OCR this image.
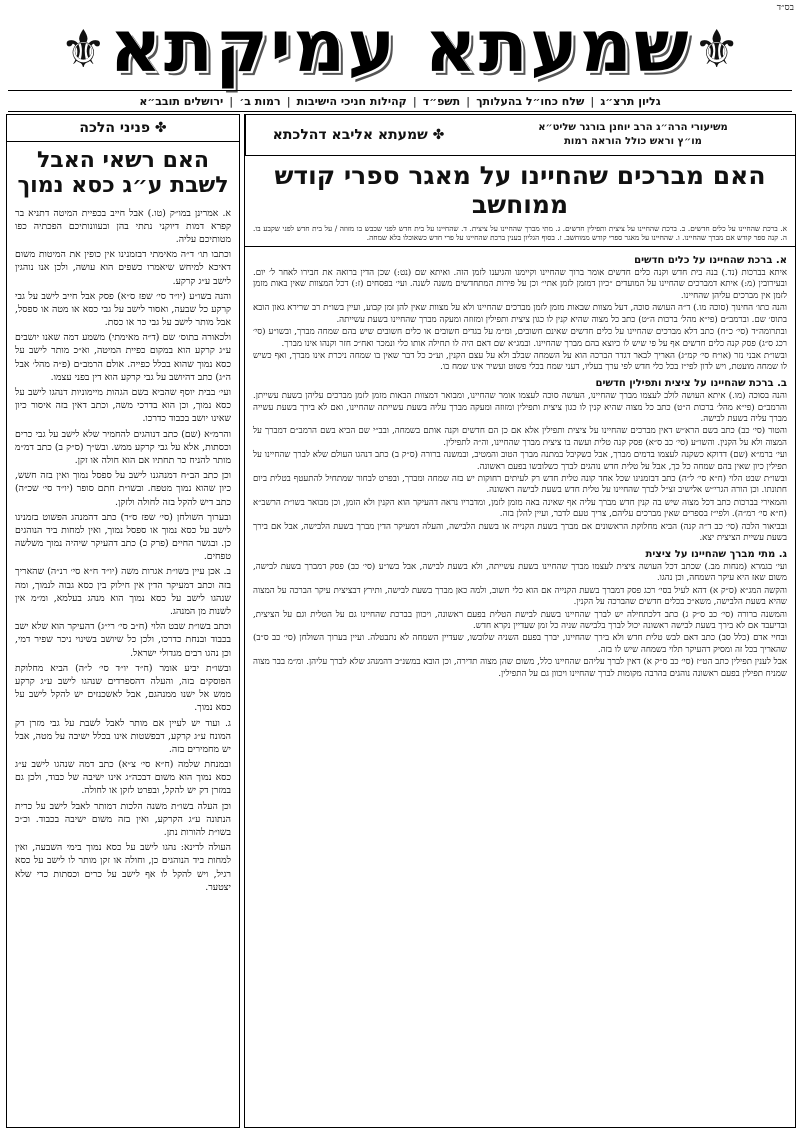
בס״ד
⚜	⚜
שמעתא עמיקתא
גליון תרצ״ג
|
שלח כחו״ל בהעלותך
|
תשפ״ד
|
קהילות חניכי הישיבות
|
רמות ב׳
|
ירושלים תובב״א
משיעורי הרה״ג הרב יוחנן בורגר שליט״א
מו״ץ וראש כולל הוראה רמות
✤ שמעתא אליבא דהלכתא
האם מברכים שהחיינו על מאגר ספרי קודש ממוחשב
א. ברכת שהחיינו על כלים חדשים. ב. ברכת שהחיינו על ציצית ותפילין חדשים. ג. מתי מברך שהחיינו על ציצית. ד. שהחיינו על בית חדש לפני שכבש בו מזוזה / על בית חדש לפני שקבע בו. ה. קנה ספר קודש אם מברך שהחיינו. ו. שהחיינו על מאגר ספרי קודש ממוחשב. ז. בסוף הגליון בענין ברכת שהחיינו על פרי חדש כשאוכלו בלא שמחה.
א. ברכת שהחיינו על כלים חדשים

איתא בברכות (נד.) בנה בית חדש וקנה כלים חדשים אומר ברוך שהחיינו וקיימנו והגיענו לזמן הזה. ואיתא שם (נט:) שכן הדין ברואה את חבירו לאחר ל׳ יום. ובעירובין (מ:) איתא דמברכים שהחיינו על המועדים ״כיון דמזמן לזמן אתי״ וכן על פירות המתחדשים משנה לשנה. ועי׳ בפסחים (ז:) דכל המצוות שאין באות מזמן לזמן אין מברכים עליהן שהחיינו.

והנה כתו׳ החינוך (סוכה מו.) ד״ה העושה סוכה, דעל מצוות שבאות מזמן לזמן מברכים שהחיינו ולא על מצוות שאין להן זמן קבוע, ועיין בשו״ת רב שרירא גאון הובא בתוס׳ שם. וברמב״ם (פי״א מהל׳ ברכות ה״ט) כתב כל מצוה שהיא קנין לו כגון ציצית ותפילין ומזוזה ומעקה מברך שהחיינו בשעת עשייתה.

ובתרומה״ד (סי׳ כ״ח) כתב דלא מברכים שהחיינו על כלים חדשים שאינם חשובים, ומ״מ על בגדים חשובים או כלים חשובים שיש בהם שמחה מברך, ובשו״ע (סי׳ רכג ס״ג) פסק קנה כלים חדשים אף על פי שיש לו כיוצא בהם מברך שהחיינו. ובמג״א שם דאם היה לו תחילה אותו כלי ונמכר ואח״כ חזר וקנהו אינו מברך.

ובשו״ת אבני נזר (או״ח סי׳ קמ״ג) האריך לבאר דגדר הברכה הוא על השמחה שבלב ולא על עצם הקנין, וע״כ כל דבר שאין בו שמחה ניכרת אינו מברך, ואף כשיש לו שמחה מועטת, ויש לדון לפי״ז בכל כלי חדש לפי ערך בעליו, דעני שמח בכלי פשוט ועשיר אינו שמח בו.

ב. ברכת שהחיינו על ציצית ותפילין חדשים

והנה בסוכה (מו.) איתא העושה לולב לעצמו מברך שהחיינו, העושה סוכה לעצמו אומר שהחיינו, ומבואר דמצוות הבאות מזמן לזמן מברכים עליהן בשעת עשייתן. והרמב״ם (פי״א מהל׳ ברכות ה״ט) כתב כל מצוה שהיא קנין לו כגון ציצית ותפילין ומזוזה ומעקה מברך עליה בשעת עשייתה שהחיינו, ואם לא בירך בשעת עשייה מברך עליה בשעת לבישה.

והטור (סי׳ כב) כתב בשם הרא״ש דאין מברכים שהחיינו על ציצית ותפילין אלא אם כן הם חדשים וקנה אותם בשמחה, ובב״י שם הביא בשם הרמב״ם דמברך על המצוה ולא על הקנין. והשו״ע (סי׳ כב ס״א) פסק קנה טלית ועשה בו ציצית מברך שהחיינו, וה״ה לתפילין.

ועי׳ ברמ״א (שם) דדוקא כשקנה לעצמו בדמים מברך, אבל כשקיבל במתנה מברך הטוב והמטיב, ובמשנה ברורה (ס״ק ב) כתב דנהגו העולם שלא לברך שהחיינו על תפילין כיון שאין בהם שמחה כל כך, אבל על טלית חדש נוהגים לברך כשלובשו בפעם ראשונה.

ובשו״ת שבט הלוי (ח״א סי׳ ל״ה) כתב דבזמנינו שכל אחד קונה טלית חדש רק לעיתים רחוקות יש בזה שמחה ומברך, ובפרט לבחור שמתחיל להתעטף בטלית ביום חתונתו. וכן הורה הגרי״ש אלישיב זצ״ל לברך שהחיינו על טלית חדש בשעת לבישה ראשונה.

והמאירי בברכות כתב דכל מצוה שיש בה קנין חדש מברך עליה אף שאינה באה מזמן לזמן, ומדבריו נראה דהעיקר הוא הקנין ולא הזמן, וכן מבואר בשו״ת הרשב״א (ח״א סי׳ רמ״ה). ולפי״ז בספרים שאין מברכים עליהם, צריך טעם לדבר, ועיין להלן בזה.

ובביאור הלכה (סי׳ כב ד״ה קנה) הביא מחלוקת הראשונים אם מברך בשעת הקנייה או בשעת הלבישה, והעלה דמעיקר הדין מברך בשעת הלבישה, אבל אם בירך בשעת עשיית הציצית יצא.

ג. מתי מברך שהחיינו על ציצית

ועי׳ בגמרא (מנחות מב.) שכתב דכל העושה ציצית לעצמו מברך שהחיינו בשעת עשייתה, ולא בשעת לבישה, אבל בשו״ע (סי׳ כב) פסק דמברך בשעת לבישה, משום שאז היא עיקר השמחה, וכן נהגו.

והקשה המג״א (ס״ק א) דהא לעיל בסי׳ רכג פסק דמברך בשעת הקנייה אם הוא כלי חשוב, ולמה כאן מברך בשעת לבישה, ותירץ דבציצית עיקר הברכה על המצוה שהיא בשעת הלבישה, משא״כ בכלים חדשים שהברכה על הקנין.

והמשנה ברורה (סי׳ כב ס״ק ג) כתב דלכתחילה יש לברך שהחיינו בשעת לבישת הטלית בפעם ראשונה, ויכוון בברכת שהחיינו גם על הטלית וגם על הציצית, ובדיעבד אם לא בירך בשעת לבישה ראשונה יכול לברך בלבישה שניה כל זמן שעדיין נקרא חדש.

ובחיי אדם (כלל סב) כתב דאם לבש טלית חדש ולא בירך שהחיינו, יברך בפעם השניה שלובשו, שעדיין השמחה לא נתבטלה. ועיין בערוך השולחן (סי׳ כב ס״ב) שהאריך בכל זה ומסיק דהעיקר תלוי בשמחה שיש לו בזה.

אבל לענין תפילין כתב הט״ז (סי׳ כב ס״ק א) דאין לברך עליהם שהחיינו כלל, משום שהן מצוה תדירה, וכן הובא במשנ״ב דהמנהג שלא לברך עליהן. ומ״מ בבר מצוה שמניח תפילין בפעם ראשונה נוהגים בהרבה מקומות לברך שהחיינו ויכוון גם על התפילין.

✤ פניני הלכה
האם רשאי האבל לשבת ע״ג כסא נמוך

א. אמרינן במו״ק (טו.) אבל חייב בכפיית המיטה דתניא בר קפרא דמות דיוקני נתתי בהן ובעוונותיכם הפכתיה כפו מטותיכם עליה.

וכתבו תו׳ ד״ה מאימתי דבזמנינו אין כופין את המיטות משום דאיכא למיחש שיאמרו כשפים הוא עושה, ולכן אנו נוהגין לישב ע״ג קרקע.

והנה בשו״ע (יו״ד סי׳ שפז ס״א) פסק אבל חייב לישב על גבי קרקע כל שבעה, ואסור לישב על גבי כסא או מטה או ספסל, אבל מותר לישב על גבי כר או כסת.

ולכאורה בתוס׳ שם (ד״ה מאימתי) משמע דמה שאנו יושבים ע״ג קרקע הוא במקום כפיית המיטה, וא״כ מותר לישב על כסא נמוך שהוא בכלל כפייה. אולם הרמב״ם (פ״ה מהל׳ אבל ה״ג) כתב דהיושב על גבי קרקע הוא דין בפני עצמו.

ועי׳ בבית יוסף שהביא בשם הגהות מיימוניות דנהגו לישב על כסא נמוך, וכן הוא בדרכי משה, וכתב דאין בזה איסור כיון שאינו יושב בכבוד כדרכו.

והרמ״א (שם) כתב דנוהגים להחמיר שלא לישב על גבי כרים וכסתות, אלא על גבי קרקע ממש. ובש״ך (ס״ק ב) כתב דמ״מ מותר להניח כר תחתיו אם הוא חולה או זקן.

וכן כתב הב״ח דמנהגנו לישב על ספסל נמוך ואין בזה חשש, כיון שהוא נמוך מטפח. ובשו״ת חתם סופר (יו״ד סי׳ שכ״ה) כתב דיש להקל בזה לחולה ולזקן.

ובערוך השולחן (סי׳ שפז ס״ד) כתב דהמנהג הפשוט בזמנינו לישב על כסא נמוך או ספסל נמוך, ואין למחות ביד הנוהגים כן. ובגשר החיים (פרק כ) כתב דהעיקר שיהיה נמוך משלשה טפחים.

ב. אכן עיין בשו״ת אגרות משה (יו״ד ח״א סי׳ רנ״ה) שהאריך בזה וכתב דמעיקר הדין אין חילוק בין כסא גבוה לנמוך, ומה שנהגו לישב על כסא נמוך הוא מנהג בעלמא, ומ״מ אין לשנות מן המנהג.

וכתב בשו״ת שבט הלוי (ח״ב סי׳ רי״ג) דהעיקר הוא שלא ישב בכבוד ובנחת כדרכו, ולכן כל שיושב בשינוי ניכר שפיר דמי, וכן נהגו רבים מגדולי ישראל.

ובשו״ת יביע אומר (ח״ד יו״ד סי׳ ל״ה) הביא מחלוקת הפוסקים בזה, והעלה דהספרדים שנהגו לישב ע״ג קרקע ממש אל ישנו ממנהגם, אבל לאשכנזים יש להקל לישב על כסא נמוך.

ג. ועוד יש לעיין אם מותר לאבל לשבת על גבי מזרן דק המונח ע״ג קרקע, דבפשטות אינו בכלל ישיבה על מטה, אבל יש מחמירים בזה.

ובמנחת שלמה (ח״א סי׳ צ״א) כתב דמה שנהגו לישב ע״ג כסא נמוך הוא משום דבכה״ג אינו ישיבה של כבוד, ולכן גם במזרן דק יש להקל, ובפרט לזקן או לחולה.

וכן העלה בשו״ת משנה הלכות דמותר לאבל לישב על כרית הנתונה ע״ג הקרקע, ואין בזה משום ישיבה בכבוד. וכ״כ בשו״ת להורות נתן.

העולה לדינא: נהגו לישב על כסא נמוך בימי השבעה, ואין למחות ביד הנוהגים כן, וחולה או זקן מותר לו לישב על כסא רגיל, ויש להקל לו אף לישב על כרים וכסתות כדי שלא יצטער.
